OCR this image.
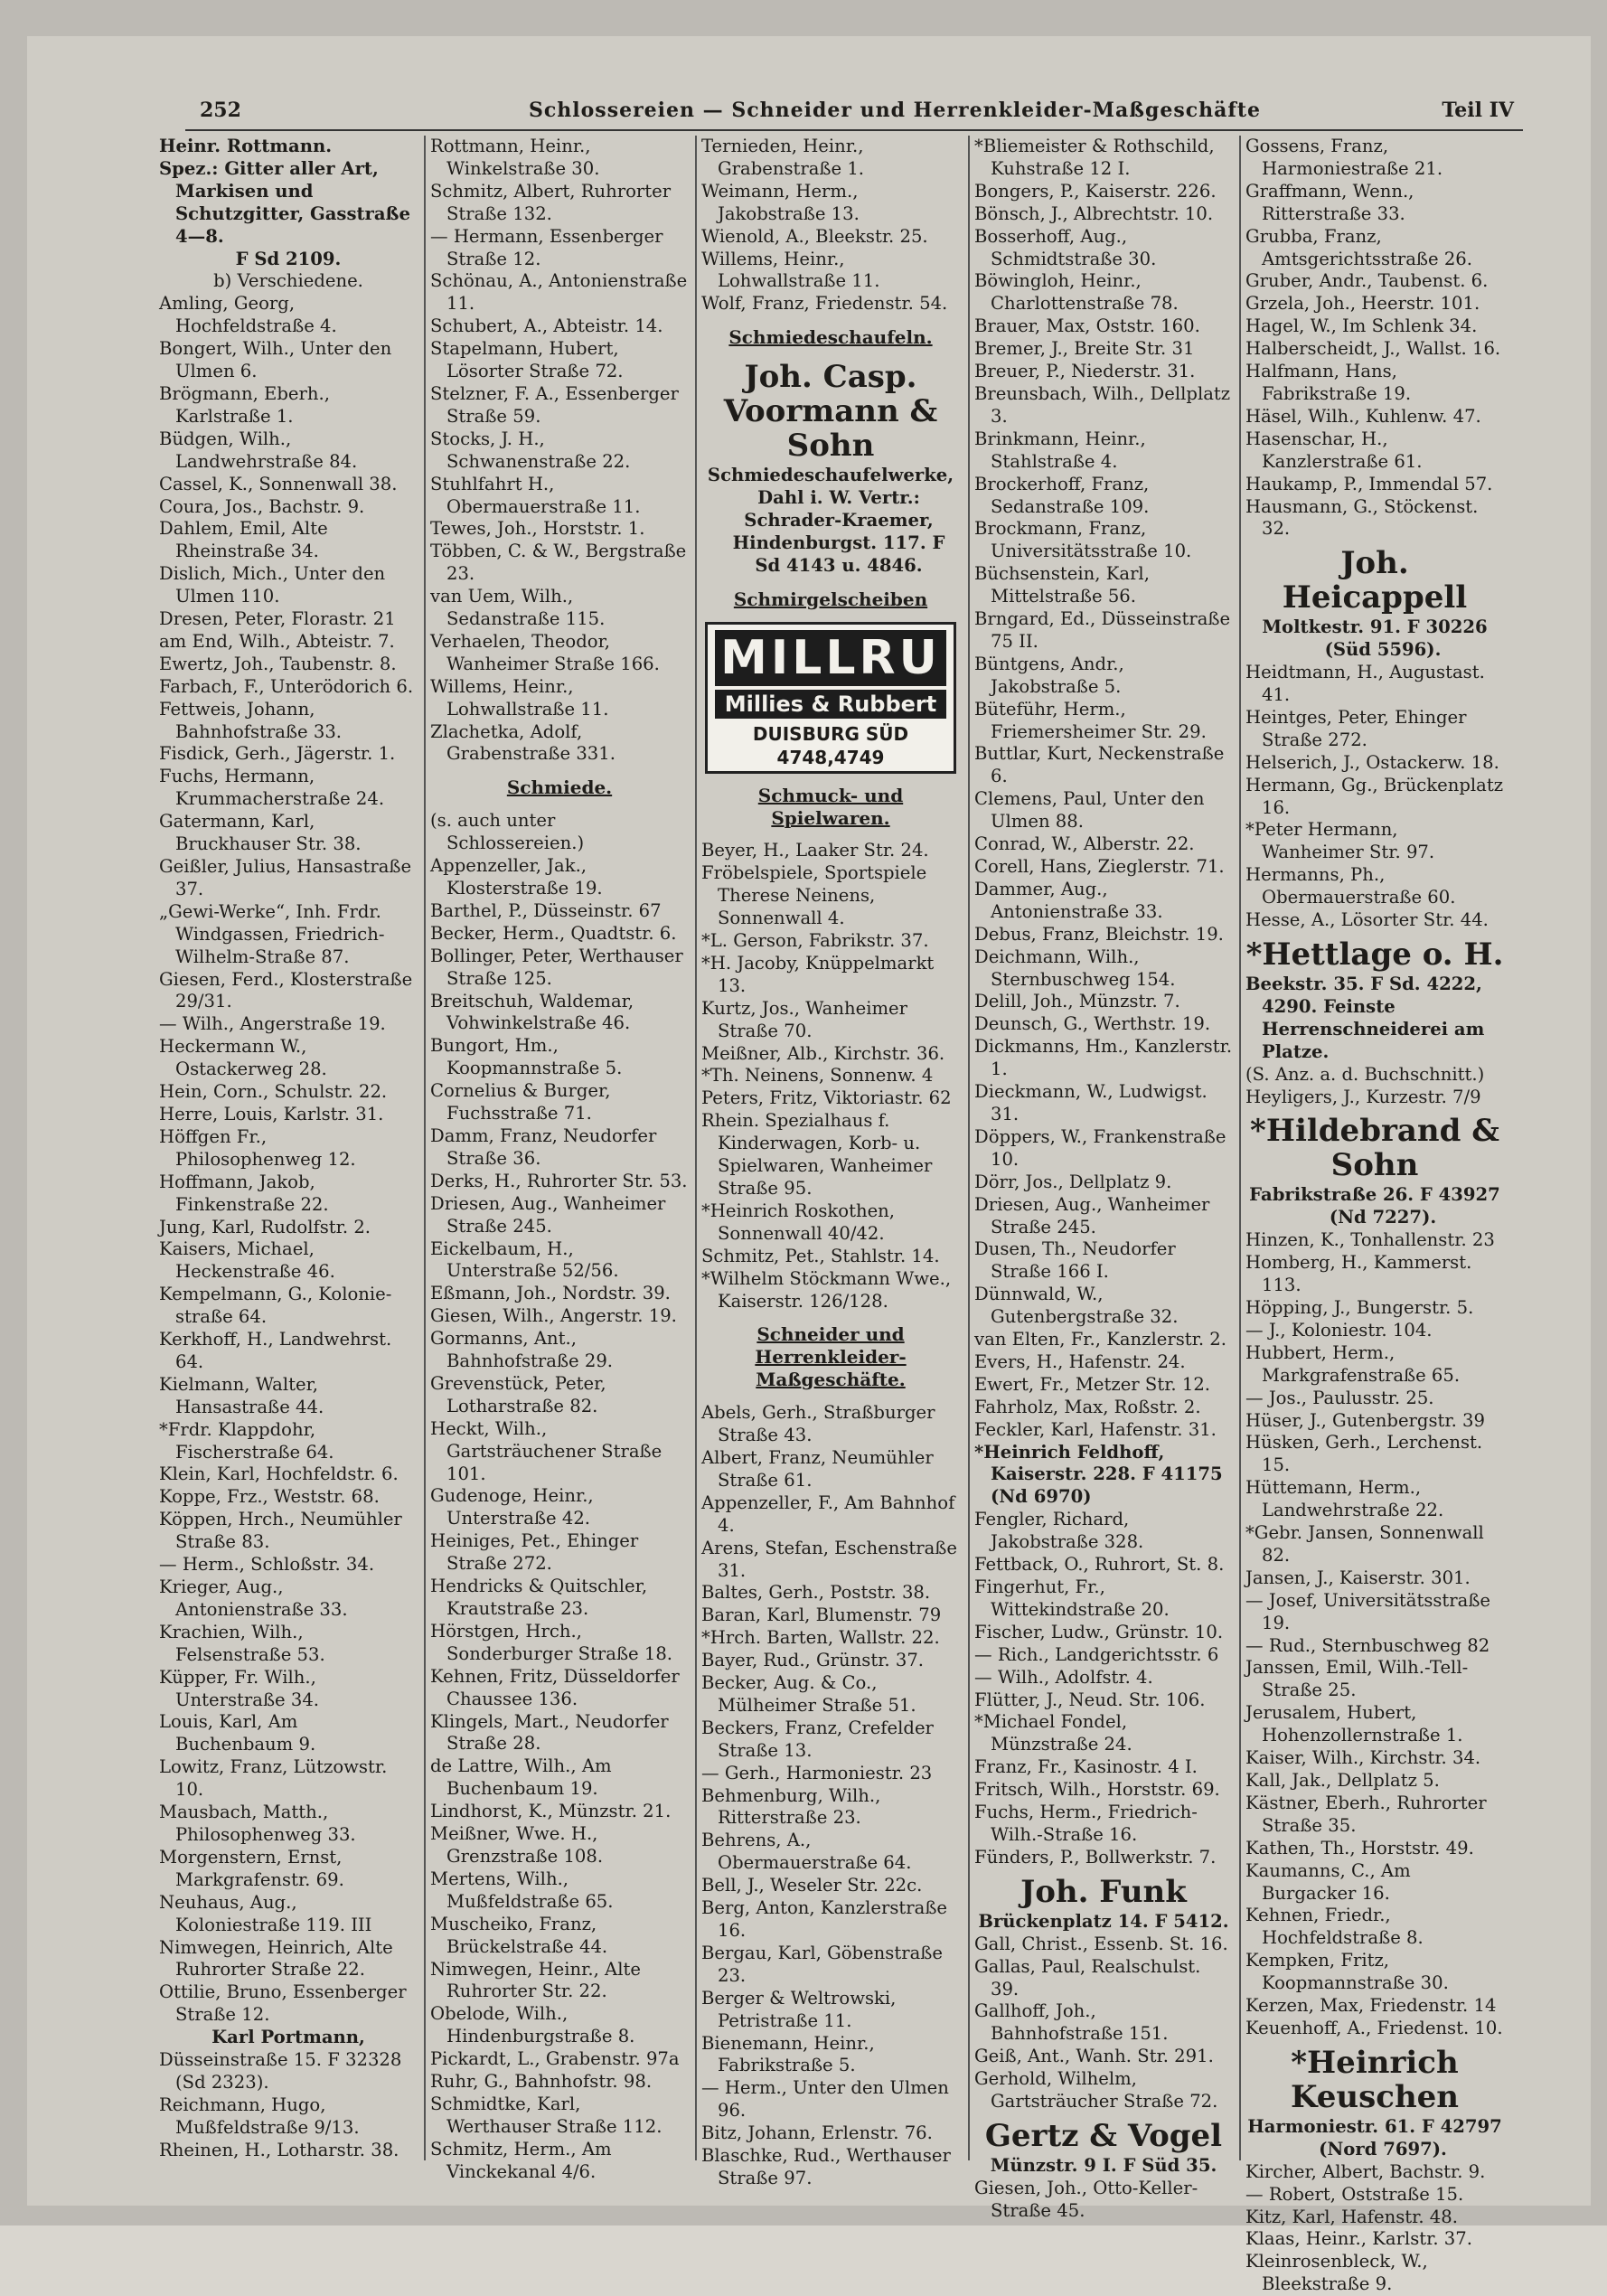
252	Schlossereien — Schneider und Herrenkleider-Maßgeschäfte	Teil IV
Heinr. Rottmann.
Spez.: Gitter aller Art, Markisen und Schutzgitter, Gasstraße 4—8.
F Sd 2109.
b) Verschiedene.
Amling, Georg, Hochfeldstraße 4.
Bongert, Wilh., Unter den Ulmen 6.
Brögmann, Eberh., Karlstraße 1.
Büdgen, Wilh., Landwehrstraße 84.
Cassel, K., Sonnenwall 38.
Coura, Jos., Bachstr. 9.
Dahlem, Emil, Alte Rheinstraße 34.
Dislich, Mich., Unter den Ulmen 110.
Dresen, Peter, Florastr. 21
am End, Wilh., Abteistr. 7.
Ewertz, Joh., Taubenstr. 8.
Farbach, F., Unterödorich 6.
Fettweis, Johann, Bahnhofstraße 33.
Fisdick, Gerh., Jägerstr. 1.
Fuchs, Hermann, Krummacherstraße 24.
Gatermann, Karl, Bruckhauser Str. 38.
Geißler, Julius, Hansastraße 37.
„Gewi-Werke“, Inh. Frdr. Windgassen, Friedrich-Wilhelm-Straße 87.
Giesen, Ferd., Klosterstraße 29/31.
— Wilh., Angerstraße 19.
Heckermann W., Ostackerweg 28.
Hein, Corn., Schulstr. 22.
Herre, Louis, Karlstr. 31.
Höffgen Fr., Philosophenweg 12.
Hoffmann, Jakob, Finkenstraße 22.
Jung, Karl, Rudolfstr. 2.
Kaisers, Michael, Heckenstraße 46.
Kempelmann, G., Kolonie-straße 64.
Kerkhoff, H., Landwehrst. 64.
Kielmann, Walter, Hansastraße 44.
*Frdr. Klappdohr, Fischerstraße 64.
Klein, Karl, Hochfeldstr. 6.
Koppe, Frz., Weststr. 68.
Köppen, Hrch., Neumühler Straße 83.
— Herm., Schloßstr. 34.
Krieger, Aug., Antonienstraße 33.
Krachien, Wilh., Felsenstraße 53.
Küpper, Fr. Wilh., Unterstraße 34.
Louis, Karl, Am Buchenbaum 9.
Lowitz, Franz, Lützowstr. 10.
Mausbach, Matth., Philosophenweg 33.
Morgenstern, Ernst, Markgrafenstr. 69.
Neuhaus, Aug., Koloniestraße 119. III
Nimwegen, Heinrich, Alte Ruhrorter Straße 22.
Ottilie, Bruno, Essenberger Straße 12.
Karl Portmann,
Düsseinstraße 15. F 32328 (Sd 2323).
Reichmann, Hugo, Mußfeldstraße 9/13.
Rheinen, H., Lotharstr. 38.
Rottmann, Heinr., Winkelstraße 30.
Schmitz, Albert, Ruhrorter Straße 132.
— Hermann, Essenberger Straße 12.
Schönau, A., Antonienstraße 11.
Schubert, A., Abteistr. 14.
Stapelmann, Hubert, Lösorter Straße 72.
Stelzner, F. A., Essenberger Straße 59.
Stocks, J. H., Schwanenstraße 22.
Stuhlfahrt H., Obermauerstraße 11.
Tewes, Joh., Horststr. 1.
Többen, C. & W., Bergstraße 23.
van Uem, Wilh., Sedanstraße 115.
Verhaelen, Theodor, Wanheimer Straße 166.
Willems, Heinr., Lohwallstraße 11.
Zlachetka, Adolf, Grabenstraße 331.
Schmiede.
(s. auch unter Schlossereien.)
Appenzeller, Jak., Klosterstraße 19.
Barthel, P., Düsseinstr. 67
Becker, Herm., Quadtstr. 6.
Bollinger, Peter, Werthauser Straße 125.
Breitschuh, Waldemar, Vohwinkelstraße 46.
Bungort, Hm., Koopmannstraße 5.
Cornelius & Burger, Fuchsstraße 71.
Damm, Franz, Neudorfer Straße 36.
Derks, H., Ruhrorter Str. 53.
Driesen, Aug., Wanheimer Straße 245.
Eickelbaum, H., Unterstraße 52/56.
Eßmann, Joh., Nordstr. 39.
Giesen, Wilh., Angerstr. 19.
Gormanns, Ant., Bahnhofstraße 29.
Grevenstück, Peter, Lotharstraße 82.
Heckt, Wilh., Gartsträuchener Straße 101.
Gudenoge, Heinr., Unterstraße 42.
Heiniges, Pet., Ehinger Straße 272.
Hendricks & Quitschler, Krautstraße 23.
Hörstgen, Hrch., Sonderburger Straße 18.
Kehnen, Fritz, Düsseldorfer Chaussee 136.
Klingels, Mart., Neudorfer Straße 28.
de Lattre, Wilh., Am Buchenbaum 19.
Lindhorst, K., Münzstr. 21.
Meißner, Wwe. H., Grenzstraße 108.
Mertens, Wilh., Mußfeldstraße 65.
Muscheiko, Franz, Brückelstraße 44.
Nimwegen, Heinr., Alte Ruhrorter Str. 22.
Obelode, Wilh., Hindenburgstraße 8.
Pickardt, L., Grabenstr. 97a
Ruhr, G., Bahnhofstr. 98.
Schmidtke, Karl, Werthauser Straße 112.
Schmitz, Herm., Am Vinckekanal 4/6.
Ternieden, Heinr., Grabenstraße 1.
Weimann, Herm., Jakobstraße 13.
Wienold, A., Bleekstr. 25.
Willems, Heinr., Lohwallstraße 11.
Wolf, Franz, Friedenstr. 54.
Schmiedeschaufeln.
Joh. Casp. Voormann & Sohn
Schmiedeschaufelwerke, Dahl i. W. Vertr.: Schrader-Kraemer, Hindenburgst. 117. F Sd 4143 u. 4846.
Schmirgelscheiben
MILLRU
Millies & Rubbert
DUISBURG SÜD 4748,4749
Schmuck- und Spielwaren.
Beyer, H., Laaker Str. 24.
Fröbelspiele, Sportspiele Therese Neinens, Sonnenwall 4.
*L. Gerson, Fabrikstr. 37.
*H. Jacoby, Knüppelmarkt 13.
Kurtz, Jos., Wanheimer Straße 70.
Meißner, Alb., Kirchstr. 36.
*Th. Neinens, Sonnenw. 4
Peters, Fritz, Viktoriastr. 62
Rhein. Spezialhaus f. Kinderwagen, Korb- u. Spielwaren, Wanheimer Straße 95.
*Heinrich Roskothen, Sonnenwall 40/42.
Schmitz, Pet., Stahlstr. 14.
*Wilhelm Stöckmann Wwe., Kaiserstr. 126/128.
Schneider und Herrenkleider-Maßgeschäfte.
Abels, Gerh., Straßburger Straße 43.
Albert, Franz, Neumühler Straße 61.
Appenzeller, F., Am Bahnhof 4.
Arens, Stefan, Eschenstraße 31.
Baltes, Gerh., Poststr. 38.
Baran, Karl, Blumenstr. 79
*Hrch. Barten, Wallstr. 22.
Bayer, Rud., Grünstr. 37.
Becker, Aug. & Co., Mülheimer Straße 51.
Beckers, Franz, Crefelder Straße 13.
— Gerh., Harmoniestr. 23
Behmenburg, Wilh., Ritterstraße 23.
Behrens, A., Obermauerstraße 64.
Bell, J., Weseler Str. 22c.
Berg, Anton, Kanzlerstraße 16.
Bergau, Karl, Göbenstraße 23.
Berger & Weltrowski, Petristraße 11.
Bienemann, Heinr., Fabrikstraße 5.
— Herm., Unter den Ulmen 96.
Bitz, Johann, Erlenstr. 76.
Blaschke, Rud., Werthauser Straße 97.
*Bliemeister & Rothschild, Kuhstraße 12 I.
Bongers, P., Kaiserstr. 226.
Bönsch, J., Albrechtstr. 10.
Bosserhoff, Aug., Schmidtstraße 30.
Böwingloh, Heinr., Charlottenstraße 78.
Brauer, Max, Oststr. 160.
Bremer, J., Breite Str. 31
Breuer, P., Niederstr. 31.
Breunsbach, Wilh., Dellplatz 3.
Brinkmann, Heinr., Stahlstraße 4.
Brockerhoff, Franz, Sedanstraße 109.
Brockmann, Franz, Universitätsstraße 10.
Büchsenstein, Karl, Mittelstraße 56.
Brngard, Ed., Düsseinstraße 75 II.
Büntgens, Andr., Jakobstraße 5.
Büteführ, Herm., Friemersheimer Str. 29.
Buttlar, Kurt, Neckenstraße 6.
Clemens, Paul, Unter den Ulmen 88.
Conrad, W., Alberstr. 22.
Corell, Hans, Zieglerstr. 71.
Dammer, Aug., Antonienstraße 33.
Debus, Franz, Bleichstr. 19.
Deichmann, Wilh., Sternbuschweg 154.
Delill, Joh., Münzstr. 7.
Deunsch, G., Werthstr. 19.
Dickmanns, Hm., Kanzlerstr. 1.
Dieckmann, W., Ludwigst. 31.
Döppers, W., Frankenstraße 10.
Dörr, Jos., Dellplatz 9.
Driesen, Aug., Wanheimer Straße 245.
Dusen, Th., Neudorfer Straße 166 I.
Dünnwald, W., Gutenbergstraße 32.
van Elten, Fr., Kanzlerstr. 2.
Evers, H., Hafenstr. 24.
Ewert, Fr., Metzer Str. 12.
Fahrholz, Max, Roßstr. 2.
Feckler, Karl, Hafenstr. 31.
*Heinrich Feldhoff, Kaiserstr. 228. F 41175 (Nd 6970)
Fengler, Richard, Jakobstraße 328.
Fettback, O., Ruhrort, St. 8.
Fingerhut, Fr., Wittekindstraße 20.
Fischer, Ludw., Grünstr. 10.
— Rich., Landgerichtsstr. 6
— Wilh., Adolfstr. 4.
Flütter, J., Neud. Str. 106.
*Michael Fondel, Münzstraße 24.
Franz, Fr., Kasinostr. 4 I.
Fritsch, Wilh., Horststr. 69.
Fuchs, Herm., Friedrich-Wilh.-Straße 16.
Fünders, P., Bollwerkstr. 7.
Joh. Funk
Brückenplatz 14. F 5412.
Gall, Christ., Essenb. St. 16.
Gallas, Paul, Realschulst. 39.
Gallhoff, Joh., Bahnhofstraße 151.
Geiß, Ant., Wanh. Str. 291.
Gerhold, Wilhelm, Gartsträucher Straße 72.
Gertz & Vogel
Münzstr. 9 I. F Süd 35.
Giesen, Joh., Otto-Keller-Straße 45.
Gossens, Franz, Harmoniestraße 21.
Graffmann, Wenn., Ritterstraße 33.
Grubba, Franz, Amtsgerichtsstraße 26.
Gruber, Andr., Taubenst. 6.
Grzela, Joh., Heerstr. 101.
Hagel, W., Im Schlenk 34.
Halberscheidt, J., Wallst. 16.
Halfmann, Hans, Fabrikstraße 19.
Häsel, Wilh., Kuhlenw. 47.
Hasenschar, H., Kanzlerstraße 61.
Haukamp, P., Immendal 57.
Hausmann, G., Stöckenst. 32.
Joh. Heicappell
Moltkestr. 91. F 30226 (Süd 5596).
Heidtmann, H., Augustast. 41.
Heintges, Peter, Ehinger Straße 272.
Helserich, J., Ostackerw. 18.
Hermann, Gg., Brückenplatz 16.
*Peter Hermann, Wanheimer Str. 97.
Hermanns, Ph., Obermauerstraße 60.
Hesse, A., Lösorter Str. 44.
*Hettlage o. H.
Beekstr. 35. F Sd. 4222, 4290. Feinste Herrenschneiderei am Platze.
(S. Anz. a. d. Buchschnitt.)
Heyligers, J., Kurzestr. 7/9
*Hildebrand & Sohn
Fabrikstraße 26. F 43927 (Nd 7227).
Hinzen, K., Tonhallenstr. 23
Homberg, H., Kammerst. 113.
Höpping, J., Bungerstr. 5.
— J., Koloniestr. 104.
Hubbert, Herm., Markgrafenstraße 65.
— Jos., Paulusstr. 25.
Hüser, J., Gutenbergstr. 39
Hüsken, Gerh., Lerchenst. 15.
Hüttemann, Herm., Landwehrstraße 22.
*Gebr. Jansen, Sonnenwall 82.
Jansen, J., Kaiserstr. 301.
— Josef, Universitätsstraße 19.
— Rud., Sternbuschweg 82
Janssen, Emil, Wilh.-Tell-Straße 25.
Jerusalem, Hubert, Hohenzollernstraße 1.
Kaiser, Wilh., Kirchstr. 34.
Kall, Jak., Dellplatz 5.
Kästner, Eberh., Ruhrorter Straße 35.
Kathen, Th., Horststr. 49.
Kaumanns, C., Am Burgacker 16.
Kehnen, Friedr., Hochfeldstraße 8.
Kempken, Fritz, Koopmannstraße 30.
Kerzen, Max, Friedenstr. 14
Keuenhoff, A., Friedenst. 10.
*Heinrich Keuschen
Harmoniestr. 61. F 42797 (Nord 7697).
Kircher, Albert, Bachstr. 9.
— Robert, Oststraße 15.
Kitz, Karl, Hafenstr. 48.
Klaas, Heinr., Karlstr. 37.
Kleinrosenbleck, W., Bleekstraße 9.
